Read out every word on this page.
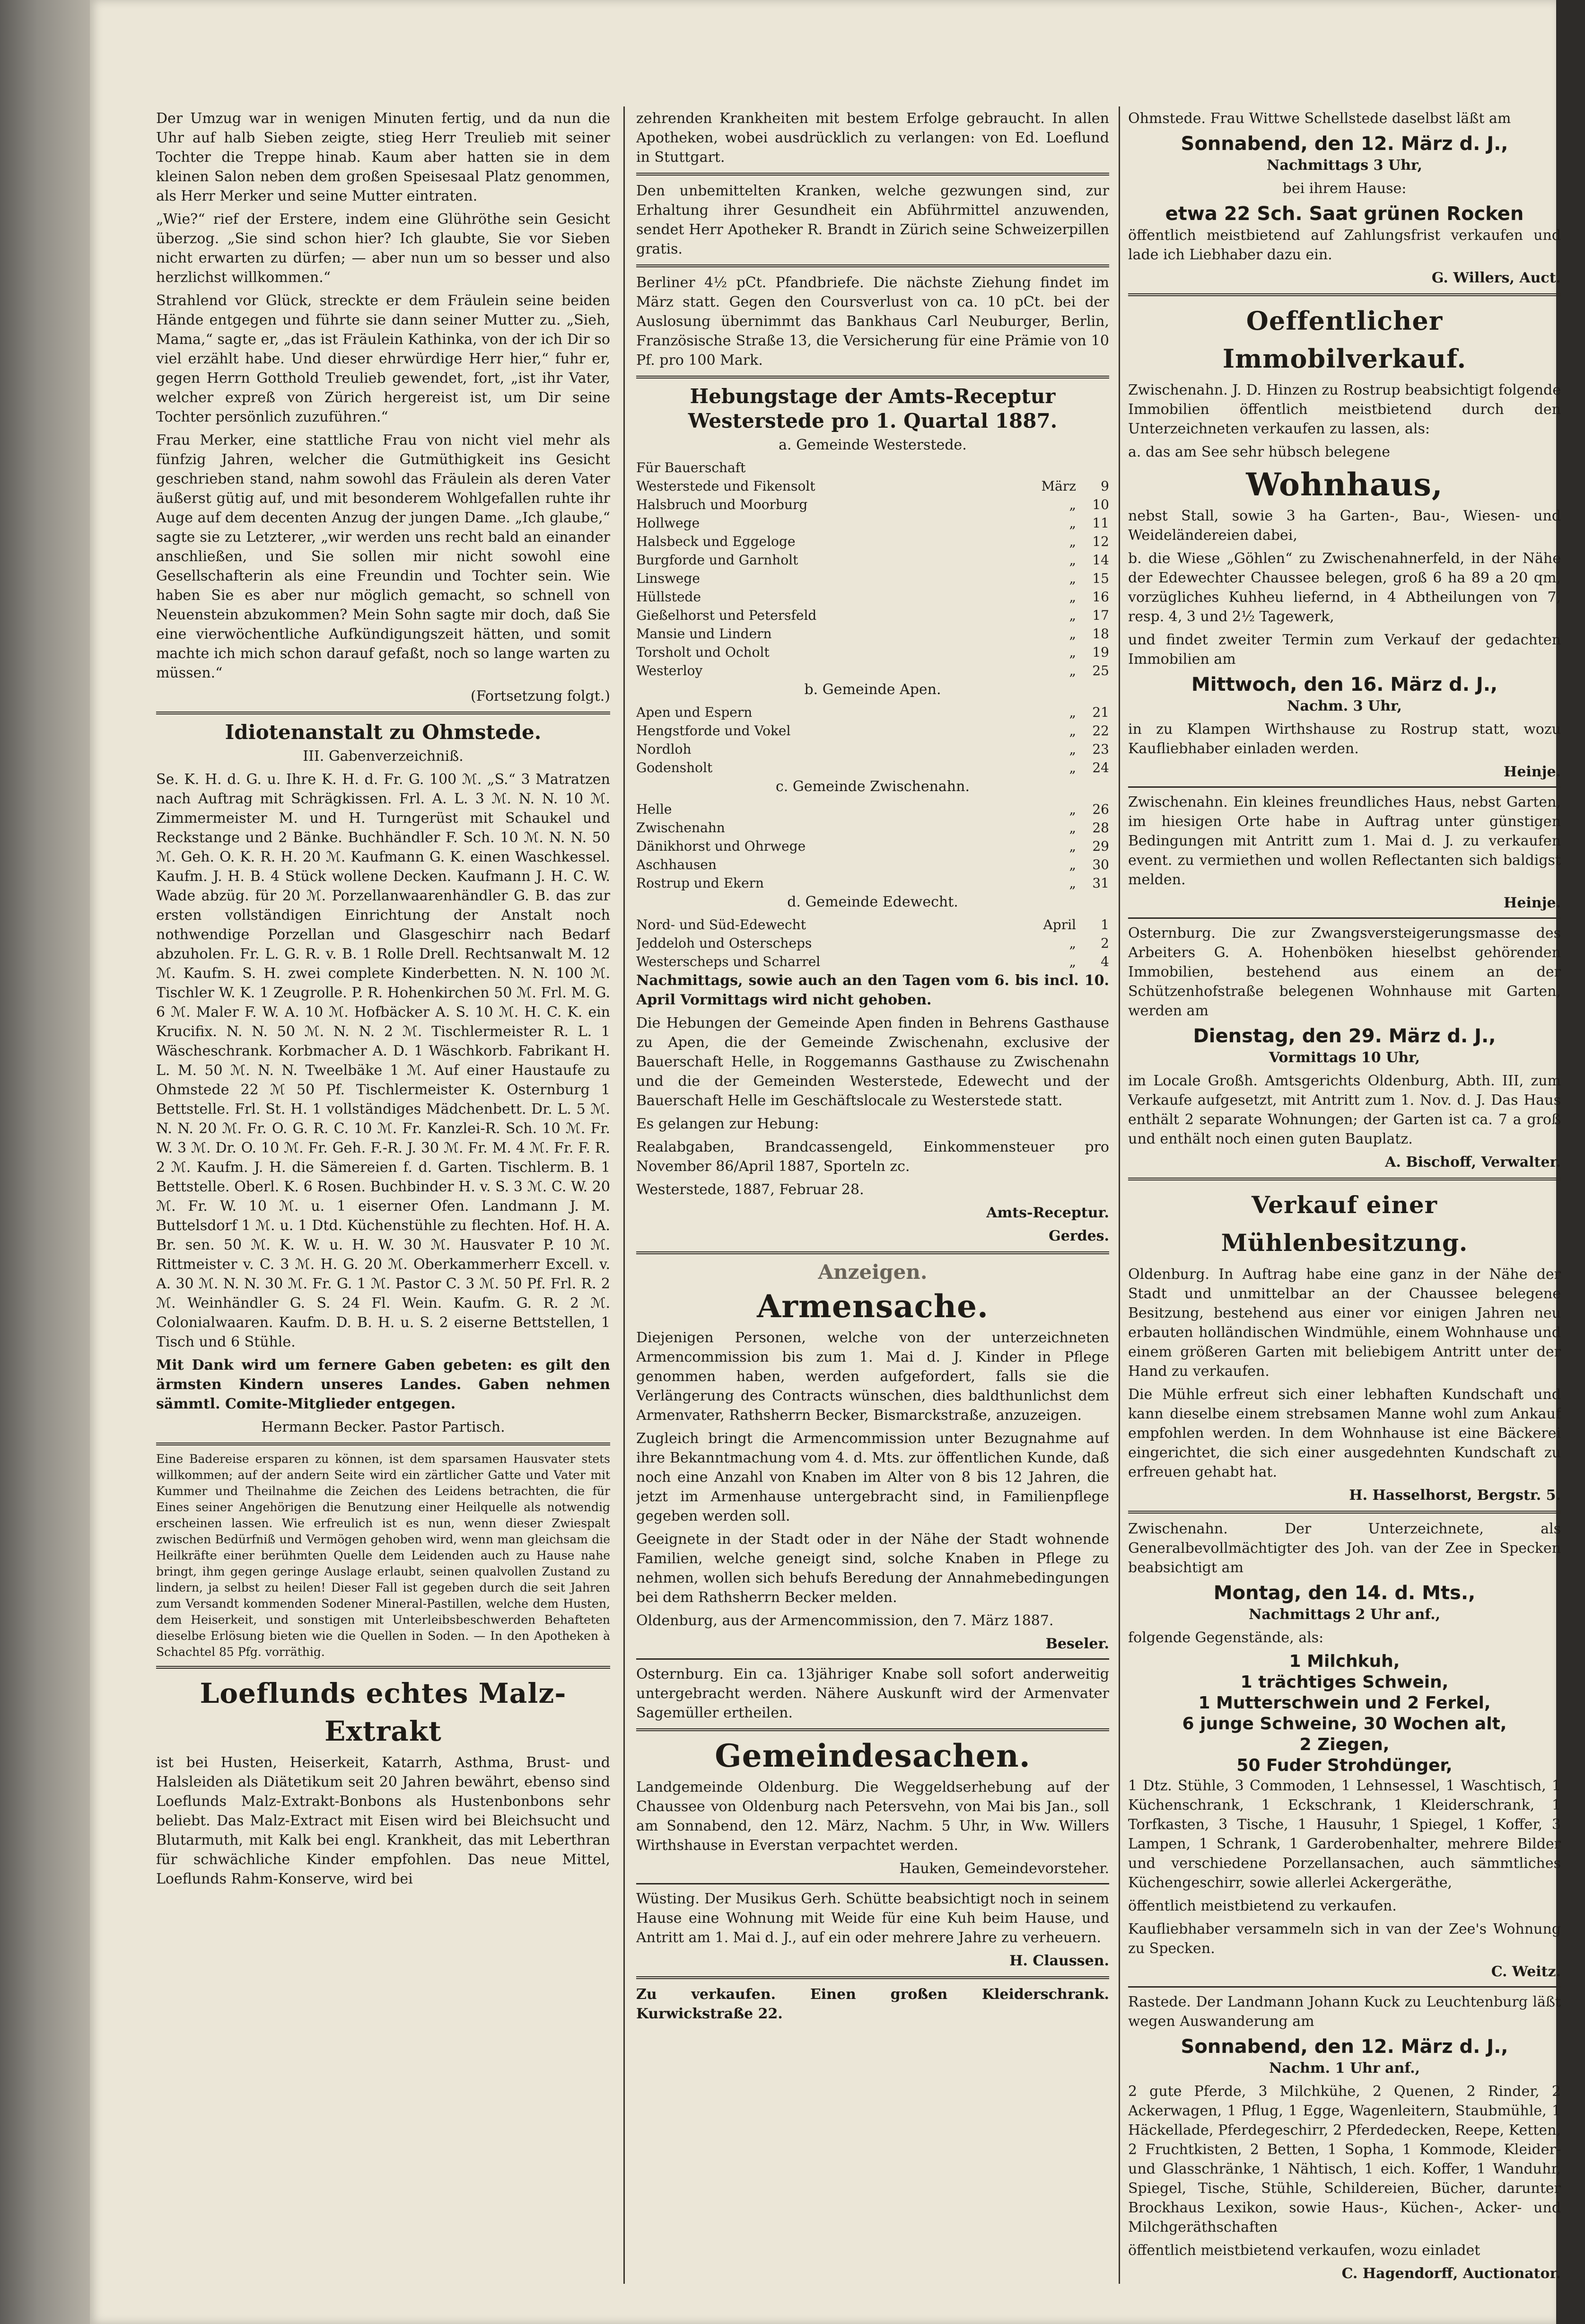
Der Umzug war in wenigen Minuten fertig, und da nun die Uhr auf halb Sieben zeigte, stieg Herr Treulieb mit seiner Tochter die Treppe hinab. Kaum aber hatten sie in dem kleinen Salon neben dem großen Speisesaal Platz genommen, als Herr Merker und seine Mutter eintraten.

„Wie?“ rief der Erstere, indem eine Glühröthe sein Gesicht überzog. „Sie sind schon hier? Ich glaubte, Sie vor Sieben nicht erwarten zu dürfen; — aber nun um so besser und also herzlichst willkommen.“

Strahlend vor Glück, streckte er dem Fräulein seine beiden Hände entgegen und führte sie dann seiner Mutter zu. „Sieh, Mama,“ sagte er, „das ist Fräulein Kathinka, von der ich Dir so viel erzählt habe. Und dieser ehrwürdige Herr hier,“ fuhr er, gegen Herrn Gotthold Treulieb gewendet, fort, „ist ihr Vater, welcher expreß von Zürich hergereist ist, um Dir seine Tochter persönlich zuzuführen.“

Frau Merker, eine stattliche Frau von nicht viel mehr als fünfzig Jahren, welcher die Gutmüthigkeit ins Gesicht geschrieben stand, nahm sowohl das Fräulein als deren Vater äußerst gütig auf, und mit besonderem Wohlgefallen ruhte ihr Auge auf dem decenten Anzug der jungen Dame. „Ich glaube,“ sagte sie zu Letzterer, „wir werden uns recht bald an einander anschließen, und Sie sollen mir nicht sowohl eine Gesellschafterin als eine Freundin und Tochter sein. Wie haben Sie es aber nur möglich gemacht, so schnell von Neuenstein abzukommen? Mein Sohn sagte mir doch, daß Sie eine vierwöchentliche Aufkündigungszeit hätten, und somit machte ich mich schon darauf gefaßt, noch so lange warten zu müssen.“

(Fortsetzung folgt.)

Idiotenanstalt zu Ohmstede.

III. Gabenverzeichniß.

Se. K. H. d. G. u. Ihre K. H. d. Fr. G. 100 ℳ. „S.“ 3 Matratzen nach Auftrag mit Schrägkissen. Frl. A. L. 3 ℳ. N. N. 10 ℳ. Zimmermeister M. und H. Turngerüst mit Schaukel und Reckstange und 2 Bänke. Buchhändler F. Sch. 10 ℳ. N. N. 50 ℳ. Geh. O. K. R. H. 20 ℳ. Kaufmann G. K. einen Waschkessel. Kaufm. J. H. B. 4 Stück wollene Decken. Kaufmann J. H. C. W. Wade abzüg. für 20 ℳ. Porzellanwaarenhändler G. B. das zur ersten vollständigen Einrichtung der Anstalt noch nothwendige Porzellan und Glasgeschirr nach Bedarf abzuholen. Fr. L. G. R. v. B. 1 Rolle Drell. Rechtsanwalt M. 12 ℳ. Kaufm. S. H. zwei complete Kinderbetten. N. N. 100 ℳ. Tischler W. K. 1 Zeugrolle. P. R. Hohenkirchen 50 ℳ. Frl. M. G. 6 ℳ. Maler F. W. A. 10 ℳ. Hofbäcker A. S. 10 ℳ. H. C. K. ein Krucifix. N. N. 50 ℳ. N. N. 2 ℳ. Tischlermeister R. L. 1 Wäscheschrank. Korbmacher A. D. 1 Wäschkorb. Fabrikant H. L. M. 50 ℳ. N. N. Tweelbäke 1 ℳ. Auf einer Haustaufe zu Ohmstede 22 ℳ 50 Pf. Tischlermeister K. Osternburg 1 Bettstelle. Frl. St. H. 1 vollständiges Mädchenbett. Dr. L. 5 ℳ. N. N. 20 ℳ. Fr. O. G. R. C. 10 ℳ. Fr. Kanzlei-R. Sch. 10 ℳ. Fr. W. 3 ℳ. Dr. O. 10 ℳ. Fr. Geh. F.-R. J. 30 ℳ. Fr. M. 4 ℳ. Fr. F. R. 2 ℳ. Kaufm. J. H. die Sämereien f. d. Garten. Tischlerm. B. 1 Bettstelle. Oberl. K. 6 Rosen. Buchbinder H. v. S. 3 ℳ. C. W. 20 ℳ. Fr. W. 10 ℳ. u. 1 eiserner Ofen. Landmann J. M. Buttelsdorf 1 ℳ. u. 1 Dtd. Küchenstühle zu flechten. Hof. H. A. Br. sen. 50 ℳ. K. W. u. H. W. 30 ℳ. Hausvater P. 10 ℳ. Rittmeister v. C. 3 ℳ. H. G. 20 ℳ. Oberkammerherr Excell. v. A. 30 ℳ. N. N. 30 ℳ. Fr. G. 1 ℳ. Pastor C. 3 ℳ. 50 Pf. Frl. R. 2 ℳ. Weinhändler G. S. 24 Fl. Wein. Kaufm. G. R. 2 ℳ. Colonialwaaren. Kaufm. D. B. H. u. S. 2 eiserne Bettstellen, 1 Tisch und 6 Stühle.

Mit Dank wird um fernere Gaben gebeten: es gilt den ärmsten Kindern unseres Landes. Gaben nehmen sämmtl. Comite-Mitglieder entgegen.

Hermann Becker. Pastor Partisch.

Eine Badereise ersparen zu können, ist dem sparsamen Hausvater stets willkommen; auf der andern Seite wird ein zärtlicher Gatte und Vater mit Kummer und Theilnahme die Zeichen des Leidens betrachten, die für Eines seiner Angehörigen die Benutzung einer Heilquelle als notwendig erscheinen lassen. Wie erfreulich ist es nun, wenn dieser Zwiespalt zwischen Bedürfniß und Vermögen gehoben wird, wenn man gleichsam die Heilkräfte einer berühmten Quelle dem Leidenden auch zu Hause nahe bringt, ihm gegen geringe Auslage erlaubt, seinen qualvollen Zustand zu lindern, ja selbst zu heilen! Dieser Fall ist gegeben durch die seit Jahren zum Versandt kommenden Sodener Mineral-Pastillen, welche dem Husten, dem Heiserkeit, und sonstigen mit Unterleibsbeschwerden Behafteten dieselbe Erlösung bieten wie die Quellen in Soden. — In den Apotheken à Schachtel 85 Pfg. vorräthig.

Loeflunds echtes Malz-Extrakt

ist bei Husten, Heiserkeit, Katarrh, Asthma, Brust- und Halsleiden als Diätetikum seit 20 Jahren bewährt, ebenso sind Loeflunds Malz-Extrakt-Bonbons als Hustenbonbons sehr beliebt. Das Malz-Extract mit Eisen wird bei Bleichsucht und Blutarmuth, mit Kalk bei engl. Krankheit, das mit Leberthran für schwächliche Kinder empfohlen. Das neue Mittel, Loeflunds Rahm-Konserve, wird bei

zehrenden Krankheiten mit bestem Erfolge gebraucht. In allen Apotheken, wobei ausdrücklich zu verlangen: von Ed. Loeflund in Stuttgart.

Den unbemittelten Kranken, welche gezwungen sind, zur Erhaltung ihrer Gesundheit ein Abführmittel anzuwenden, sendet Herr Apotheker R. Brandt in Zürich seine Schweizerpillen gratis.

Berliner 4½ pCt. Pfandbriefe. Die nächste Ziehung findet im März statt. Gegen den Coursverlust von ca. 10 pCt. bei der Auslosung übernimmt das Bankhaus Carl Neuburger, Berlin, Französische Straße 13, die Versicherung für eine Prämie von 10 Pf. pro 100 Mark.

Hebungstage der Amts-Receptur Westerstede pro 1. Quartal 1887.

a. Gemeinde Westerstede.

Für Bauerschaft
Westerstede und Fikensolt	März	9
Halsbruch und Moorburg	„	10
Hollwege	„	11
Halsbeck und Eggeloge	„	12
Burgforde und Garnholt	„	14
Linswege	„	15
Hüllstede	„	16
Gießelhorst und Petersfeld	„	17
Mansie und Lindern	„	18
Torsholt und Ocholt	„	19
Westerloy	„	25

b. Gemeinde Apen.

Apen und Espern	„	21
Hengstforde und Vokel	„	22
Nordloh	„	23
Godensholt	„	24

c. Gemeinde Zwischenahn.

Helle	„	26
Zwischenahn	„	28
Dänikhorst und Ohrwege	„	29
Aschhausen	„	30
Rostrup und Ekern	„	31

d. Gemeinde Edewecht.

Nord- und Süd-Edewecht	April	1
Jeddeloh und Osterscheps	„	2
Westerscheps und Scharrel	„	4

Nachmittags, sowie auch an den Tagen vom 6. bis incl. 10. April Vormittags wird nicht gehoben.

Die Hebungen der Gemeinde Apen finden in Behrens Gasthause zu Apen, die der Gemeinde Zwischenahn, exclusive der Bauerschaft Helle, in Roggemanns Gasthause zu Zwischenahn und die der Gemeinden Westerstede, Edewecht und der Bauerschaft Helle im Geschäftslocale zu Westerstede statt.

Es gelangen zur Hebung:

Realabgaben, Brandcassengeld, Einkommensteuer pro November 86/April 1887, Sporteln zc.

Westerstede, 1887, Februar 28.

Amts-Receptur.

Gerdes.

Anzeigen.
Armensache.

Diejenigen Personen, welche von der unterzeichneten Armencommission bis zum 1. Mai d. J. Kinder in Pflege genommen haben, werden aufgefordert, falls sie die Verlängerung des Contracts wünschen, dies baldthunlichst dem Armenvater, Rathsherrn Becker, Bismarckstraße, anzuzeigen.

Zugleich bringt die Armencommission unter Bezugnahme auf ihre Bekanntmachung vom 4. d. Mts. zur öffentlichen Kunde, daß noch eine Anzahl von Knaben im Alter von 8 bis 12 Jahren, die jetzt im Armenhause untergebracht sind, in Familienpflege gegeben werden soll.

Geeignete in der Stadt oder in der Nähe der Stadt wohnende Familien, welche geneigt sind, solche Knaben in Pflege zu nehmen, wollen sich behufs Beredung der Annahmebedingungen bei dem Rathsherrn Becker melden.

Oldenburg, aus der Armencommission, den 7. März 1887.

Beseler.

Osternburg. Ein ca. 13jähriger Knabe soll sofort anderweitig untergebracht werden. Nähere Auskunft wird der Armenvater Sagemüller ertheilen.

Gemeindesachen.

Landgemeinde Oldenburg. Die Weggeldserhebung auf der Chaussee von Oldenburg nach Petersvehn, von Mai bis Jan., soll am Sonnabend, den 12. März, Nachm. 5 Uhr, in Ww. Willers Wirthshause in Everstan verpachtet werden.

Hauken, Gemeindevorsteher.

Wüsting. Der Musikus Gerh. Schütte beabsichtigt noch in seinem Hause eine Wohnung mit Weide für eine Kuh beim Hause, und Antritt am 1. Mai d. J., auf ein oder mehrere Jahre zu verheuern.

H. Claussen.

Zu verkaufen. Einen großen Kleiderschrank. Kurwickstraße 22.

Ohmstede. Frau Wittwe Schellstede daselbst läßt am

Sonnabend, den 12. März d. J.,

Nachmittags 3 Uhr,

bei ihrem Hause:

etwa 22 Sch. Saat grünen Rocken

öffentlich meistbietend auf Zahlungsfrist verkaufen und lade ich Liebhaber dazu ein.

G. Willers, Auct.

Oeffentlicher Immobilverkauf.

Zwischenahn. J. D. Hinzen zu Rostrup beabsichtigt folgende Immobilien öffentlich meistbietend durch den Unterzeichneten verkaufen zu lassen, als:

a. das am See sehr hübsch belegene

Wohnhaus,

nebst Stall, sowie 3 ha Garten-, Bau-, Wiesen- und Weideländereien dabei,

b. die Wiese „Göhlen“ zu Zwischenahnerfeld, in der Nähe der Edewechter Chaussee belegen, groß 6 ha 89 a 20 qm, vorzügliches Kuhheu liefernd, in 4 Abtheilungen von 7, resp. 4, 3 und 2½ Tagewerk,

und findet zweiter Termin zum Verkauf der gedachten Immobilien am

Mittwoch, den 16. März d. J.,

Nachm. 3 Uhr,

in zu Klampen Wirthshause zu Rostrup statt, wozu Kaufliebhaber einladen werden.

Heinje.

Zwischenahn. Ein kleines freundliches Haus, nebst Garten, im hiesigen Orte habe in Auftrag unter günstigen Bedingungen mit Antritt zum 1. Mai d. J. zu verkaufen event. zu vermiethen und wollen Reflectanten sich baldigst melden.

Heinje.

Osternburg. Die zur Zwangsversteigerungsmasse des Arbeiters G. A. Hohenböken hieselbst gehörenden Immobilien, bestehend aus einem an der Schützenhofstraße belegenen Wohnhause mit Garten, werden am

Dienstag, den 29. März d. J.,

Vormittags 10 Uhr,

im Locale Großh. Amtsgerichts Oldenburg, Abth. III, zum Verkaufe aufgesetzt, mit Antritt zum 1. Nov. d. J. Das Haus enthält 2 separate Wohnungen; der Garten ist ca. 7 a groß und enthält noch einen guten Bauplatz.

A. Bischoff, Verwalter.

Verkauf einer Mühlenbesitzung.

Oldenburg. In Auftrag habe eine ganz in der Nähe der Stadt und unmittelbar an der Chaussee belegene Besitzung, bestehend aus einer vor einigen Jahren neu erbauten holländischen Windmühle, einem Wohnhause und einem größeren Garten mit beliebigem Antritt unter der Hand zu verkaufen.

Die Mühle erfreut sich einer lebhaften Kundschaft und kann dieselbe einem strebsamen Manne wohl zum Ankauf empfohlen werden. In dem Wohnhause ist eine Bäckerei eingerichtet, die sich einer ausgedehnten Kundschaft zu erfreuen gehabt hat.

H. Hasselhorst, Bergstr. 5.

Zwischenahn. Der Unterzeichnete, als Generalbevollmächtigter des Joh. van der Zee in Specken beabsichtigt am

Montag, den 14. d. Mts.,

Nachmittags 2 Uhr anf.,

folgende Gegenstände, als:

1 Milchkuh,
1 trächtiges Schwein,
1 Mutterschwein und 2 Ferkel,
6 junge Schweine, 30 Wochen alt,
2 Ziegen,
50 Fuder Strohdünger,

1 Dtz. Stühle, 3 Commoden, 1 Lehnsessel, 1 Waschtisch, 1 Küchenschrank, 1 Eckschrank, 1 Kleiderschrank, 1 Torfkasten, 3 Tische, 1 Hausuhr, 1 Spiegel, 1 Koffer, 3 Lampen, 1 Schrank, 1 Garderobenhalter, mehrere Bilder und verschiedene Porzellansachen, auch sämmtliches Küchengeschirr, sowie allerlei Ackergeräthe,

öffentlich meistbietend zu verkaufen.

Kaufliebhaber versammeln sich in van der Zee's Wohnung zu Specken.

C. Weitz.

Rastede. Der Landmann Johann Kuck zu Leuchtenburg läßt wegen Auswanderung am

Sonnabend, den 12. März d. J.,

Nachm. 1 Uhr anf.,

2 gute Pferde, 3 Milchkühe, 2 Quenen, 2 Rinder, 2 Ackerwagen, 1 Pflug, 1 Egge, Wagenleitern, Staubmühle, 1 Häckellade, Pferdegeschirr, 2 Pferdedecken, Reepe, Ketten, 2 Fruchtkisten, 2 Betten, 1 Sopha, 1 Kommode, Kleider- und Glasschränke, 1 Nähtisch, 1 eich. Koffer, 1 Wanduhr, Spiegel, Tische, Stühle, Schildereien, Bücher, darunter Brockhaus Lexikon, sowie Haus-, Küchen-, Acker- und Milchgeräthschaften

öffentlich meistbietend verkaufen, wozu einladet

C. Hagendorff, Auctionator.
